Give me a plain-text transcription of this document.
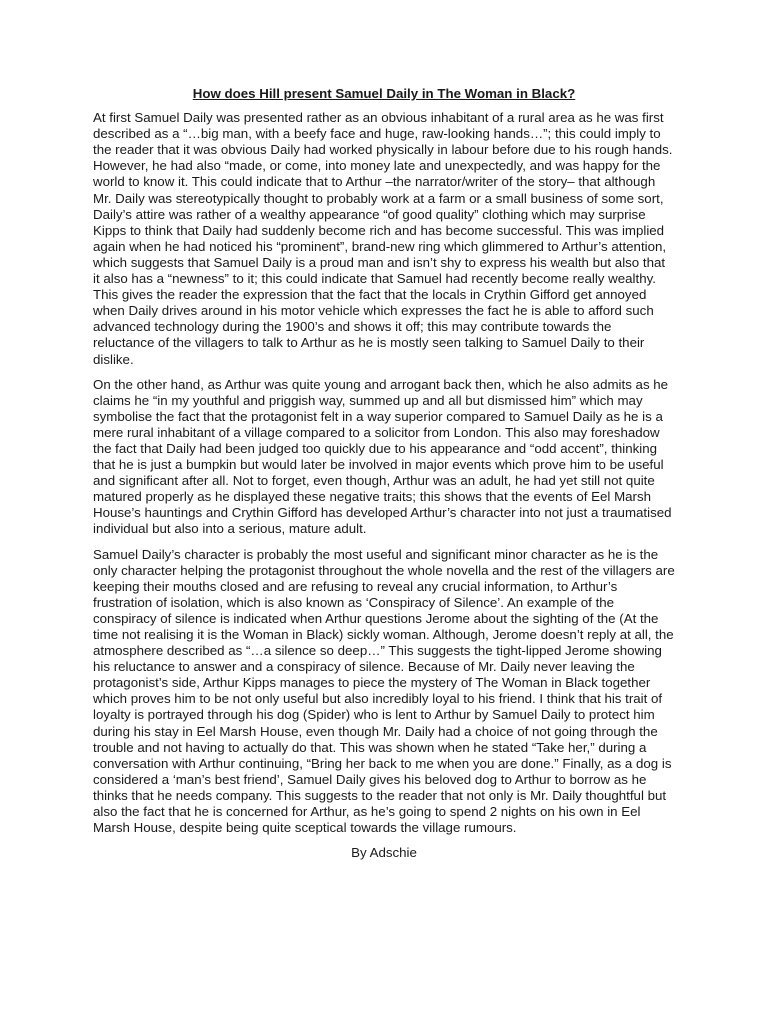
How does Hill present Samuel Daily in The Woman in Black?

At first Samuel Daily was presented rather as an obvious inhabitant of a rural area as he was first described as a “…big man, with a beefy face and huge, raw-looking hands…”; this could imply to the reader that it was obvious Daily had worked physically in labour before due to his rough hands. However, he had also “made, or come, into money late and unexpectedly, and was happy for the world to know it. This could indicate that to Arthur –the narrator/writer of the story– that although Mr. Daily was stereotypically thought to probably work at a farm or a small business of some sort, Daily’s attire was rather of a wealthy appearance “of good quality” clothing which may surprise Kipps to think that Daily had suddenly become rich and has become successful. This was implied again when he had noticed his “prominent”, brand-new ring which glimmered to Arthur’s attention, which suggests that Samuel Daily is a proud man and isn’t shy to express his wealth but also that it also has a “newness” to it; this could indicate that Samuel had recently become really wealthy. This gives the reader the expression that the fact that the locals in Crythin Gifford get annoyed when Daily drives around in his motor vehicle which expresses the fact he is able to afford such advanced technology during the 1900’s and shows it off; this may contribute towards the reluctance of the villagers to talk to Arthur as he is mostly seen talking to Samuel Daily to their dislike.

On the other hand, as Arthur was quite young and arrogant back then, which he also admits as he claims he “in my youthful and priggish way, summed up and all but dismissed him” which may symbolise the fact that the protagonist felt in a way superior compared to Samuel Daily as he is a mere rural inhabitant of a village compared to a solicitor from London. This also may foreshadow the fact that Daily had been judged too quickly due to his appearance and “odd accent”, thinking that he is just a bumpkin but would later be involved in major events which prove him to be useful and significant after all. Not to forget, even though, Arthur was an adult, he had yet still not quite matured properly as he displayed these negative traits; this shows that the events of Eel Marsh House’s hauntings and Crythin Gifford has developed Arthur’s character into not just a traumatised individual but also into a serious, mature adult.

Samuel Daily’s character is probably the most useful and significant minor character as he is the only character helping the protagonist throughout the whole novella and the rest of the villagers are keeping their mouths closed and are refusing to reveal any crucial information, to Arthur’s frustration of isolation, which is also known as ‘Conspiracy of Silence’. An example of the conspiracy of silence is indicated when Arthur questions Jerome about the sighting of the (At the time not realising it is the Woman in Black) sickly woman. Although, Jerome doesn’t reply at all, the atmosphere described as “…a silence so deep…” This suggests the tight-lipped Jerome showing his reluctance to answer and a conspiracy of silence. Because of Mr. Daily never leaving the protagonist’s side, Arthur Kipps manages to piece the mystery of The Woman in Black together which proves him to be not only useful but also incredibly loyal to his friend. I think that his trait of loyalty is portrayed through his dog (Spider) who is lent to Arthur by Samuel Daily to protect him during his stay in Eel Marsh House, even though Mr. Daily had a choice of not going through the trouble and not having to actually do that. This was shown when he stated “Take her,” during a conversation with Arthur continuing, “Bring her back to me when you are done.” Finally, as a dog is considered a ‘man’s best friend’, Samuel Daily gives his beloved dog to Arthur to borrow as he thinks that he needs company. This suggests to the reader that not only is Mr. Daily thoughtful but also the fact that he is concerned for Arthur, as he’s going to spend 2 nights on his own in Eel Marsh House, despite being quite sceptical towards the village rumours.

By Adschie
